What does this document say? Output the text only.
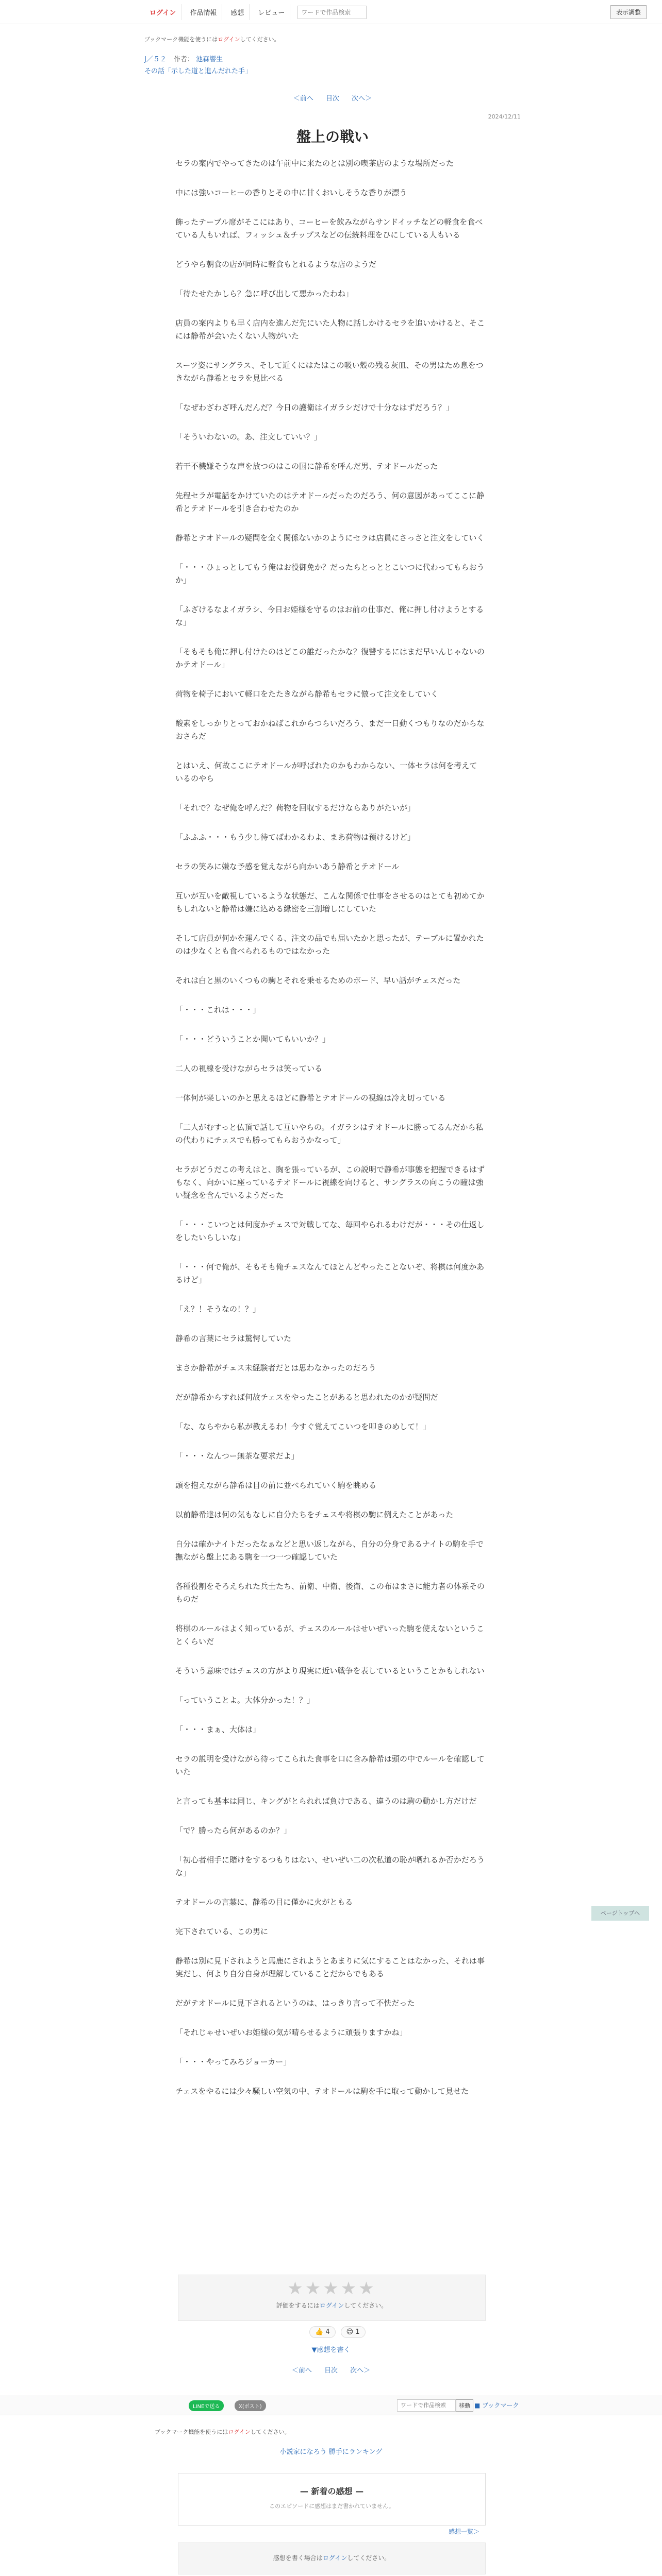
ログイン	作品情報	感想	レビュー
ワードで作品検索	表示調整
ブックマーク機能を使うにはログインしてください。
J／５２ 作者： 池森響生
その話「示した道と進んだれた手」
＜前へ 目次 次へ＞
2024/12/11
盤上の戦い

セラの案内でやってきたのは午前中に来たのとは別の喫茶店のような場所だった

中には強いコーヒーの香りとその中に甘くおいしそうな香りが漂う

飾ったテーブル席がそこにはあり、コーヒーを飲みながらサンドイッチなどの軽食を食べている人もいれば、フィッシュ＆チップスなどの伝統料理をひにしている人もいる

どうやら朝食の店が同時に軽食もとれるような店のようだ

「待たせたかしら？急に呼び出して悪かったわね」

店員の案内よりも早く店内を進んだ先にいた人物に話しかけるセラを追いかけると、そこには静希が会いたくない人物がいた

スーツ姿にサングラス、そして近くにはたはこの吸い殻の残る灰皿、その男はため息をつきながら静希とセラを見比べる

「なぜわざわざ呼んだんだ？今日の護衛はイガラシだけで十分なはずだろう？」

「そういわないの。あ、注文していい？」

若干不機嫌そうな声を放つのはこの国に静希を呼んだ男、テオドールだった

先程セラが電話をかけていたのはテオドールだったのだろう、何の意図があってここに静希とテオドールを引き合わせたのか

静希とテオドールの疑問を全く関係ないかのようにセラは店員にさっさと注文をしていく

「・・・ひょっとしてもう俺はお役御免か？だったらとっととこいつに代わってもらおうか」

「ふざけるなよイガラシ、今日お姫様を守るのはお前の仕事だ、俺に押し付けようとするな」

「そもそも俺に押し付けたのはどこの誰だったかな？復讐するにはまだ早いんじゃないのかテオドール」

荷物を椅子において軽口をたたきながら静希もセラに倣って注文をしていく

酸素をしっかりとっておかねばこれからつらいだろう、まだ一日動くつもりなのだからなおさらだ

とはいえ、何故ここにテオドールが呼ばれたのかもわからない、一体セラは何を考えているのやら

「それで？なぜ俺を呼んだ？荷物を回収するだけならありがたいが」

「ふふふ・・・もう少し待てばわかるわよ、まあ荷物は預けるけど」

セラの笑みに嫌な予感を覚えながら向かいあう静希とテオドール

互いが互いを敵視しているような状態だ、こんな関係で仕事をさせるのはとても初めてかもしれないと静希は嫌に込める縁密を三割増しにしていた

そして店員が何かを運んでくる、注文の品でも届いたかと思ったが、テーブルに置かれたのは少なくとも食べられるものではなかった

それは白と黒のいくつもの駒とそれを乗せるためのボード、早い話がチェスだった

「・・・これは・・・」

「・・・どういうことか聞いてもいいか？」

二人の視線を受けながらセラは笑っている

一体何が楽しいのかと思えるほどに静希とテオドールの視線は冷え切っている

「二人がむすっと仏頂で話して互いやらの。イガラシはテオドールに勝ってるんだから私の代わりにチェスでも勝ってもらおうかなって」

セラがどうだこの考えはと、胸を張っているが、この説明で静希が事態を把握できるはずもなく、向かいに座っているテオドールに視線を向けると、サングラスの向こうの瞳は強い疑念を含んでいるようだった

「・・・こいつとは何度かチェスで対戦してな、毎回やられるわけだが・・・その仕返しをしたいらしいな」

「・・・何で俺が、そもそも俺チェスなんてほとんどやったことないぞ、将棋は何度かあるけど」

「え？！そうなの！？」

静希の言葉にセラは驚愕していた

まさか静希がチェス未経験者だとは思わなかったのだろう

だが静希からすれば何故チェスをやったことがあると思われたのかが疑問だ

「な、ならやから私が教えるわ！今すぐ覚えてこいつを叩きのめして！」

「・・・なんつー無茶な要求だよ」

頭を抱えながら静希は目の前に並べられていく駒を眺める

以前静希達は何の気もなしに自分たちをチェスや将棋の駒に例えたことがあった

自分は確かナイトだったなぁなどと思い返しながら、自分の分身であるナイトの駒を手で撫ながら盤上にある駒を一つ一つ確認していた

各種役割をそろえられた兵士たち、前衛、中衛、後衛、この布はまさに能力者の体系そのものだ

将棋のルールはよく知っているが、チェスのルールはせいぜいった駒を使えないということくらいだ

そういう意味ではチェスの方がより現実に近い戦争を表しているということかもしれない

「っていうことよ。大体分かった！？」

「・・・まぁ、大体は」

セラの説明を受けながら待ってこられた食事を口に含み静希は頭の中でルールを確認していた

と言っても基本は同じ、キングがとられれば負けである、違うのは駒の動かし方だけだ

「で？勝ったら何があるのか？」

「初心者相手に賭けをするつもりはない、せいぜい二の次私道の恥が晒れるか否かだろうな」

テオドールの言葉に、静希の目に僅かに火がともる

完下されている、この男に

静希は別に見下されようと馬鹿にされようとあまりに気にすることはなかった、それは事実だし、何より自分自身が理解していることだからでもある

だがテオドールに見下されるというのは、はっきり言って不快だった

「それじゃせいぜいお姫様の気が晴らせるように頑張りますかね」

「・・・やってみろジョーカー」

チェスをやるには少々騒しい空気の中、テオドールは駒を手に取って動かして見せた

ページトップへ
★★★★★
評価をするにはログインしてください。
👍 4	😊 1
▼感想を書く
＜前へ 目次 次へ＞
LINEで送る	X(ポスト)
ワードで作品検索	移動 ■ ブックマーク
ブックマーク機能を使うにはログインしてください。
小説家になろう 勝手にランキング
— 新着の感想 —
このエピソードに感想はまだ書かれていません。
感想一覧＞
感想を書く場合はログインしてください。
